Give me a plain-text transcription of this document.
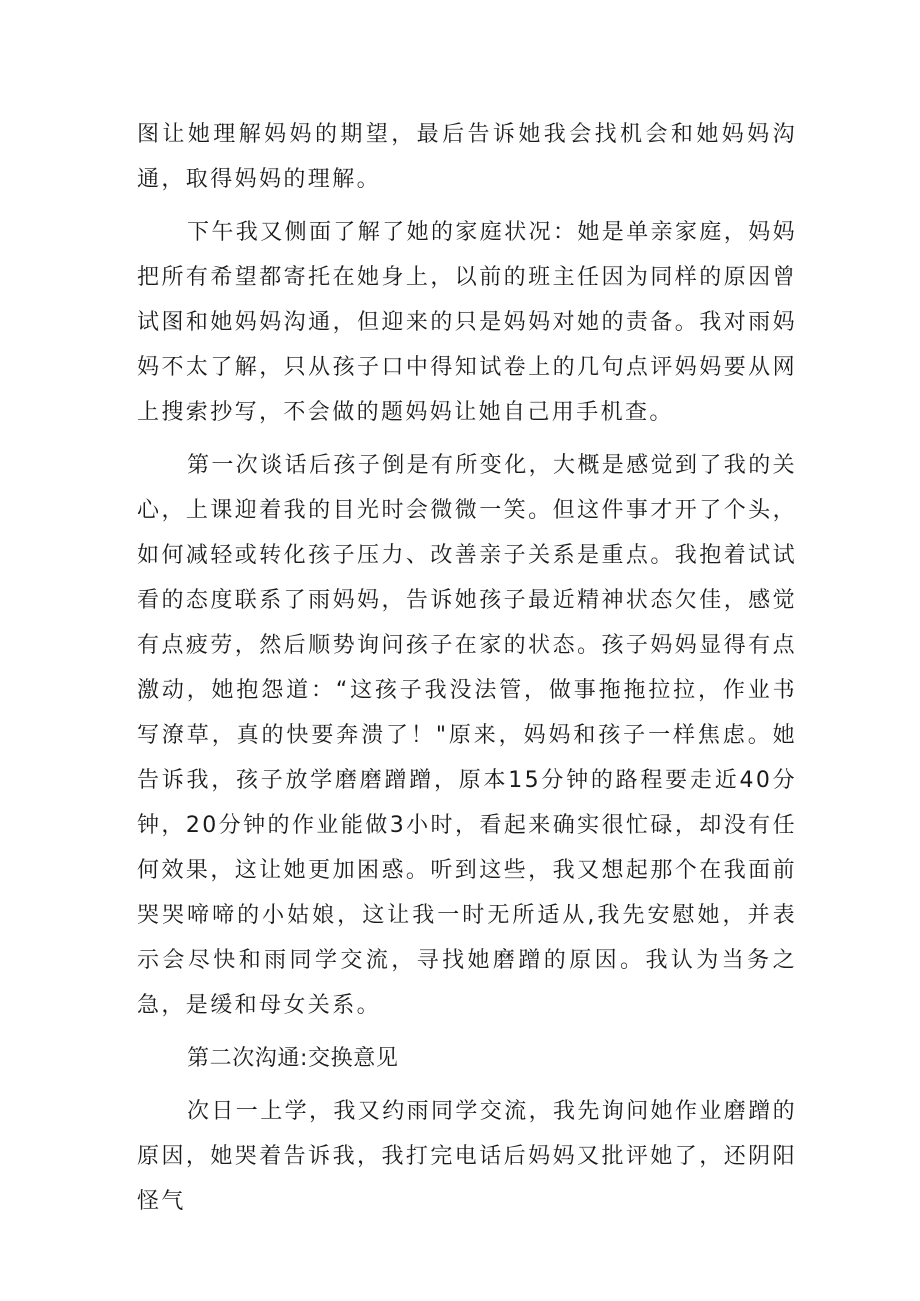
图让她理解妈妈的期望，最后告诉她我会找机会和她妈妈沟通，取得妈妈的理解。

下午我又侧面了解了她的家庭状况：她是单亲家庭，妈妈把所有希望都寄托在她身上，以前的班主任因为同样的原因曾试图和她妈妈沟通，但迎来的只是妈妈对她的责备。我对雨妈妈不太了解，只从孩子口中得知试卷上的几句点评妈妈要从网上搜索抄写，不会做的题妈妈让她自己用手机查。

第一次谈话后孩子倒是有所变化，大概是感觉到了我的关心，上课迎着我的目光时会微微一笑。但这件事才开了个头，如何减轻或转化孩子压力、改善亲子关系是重点。我抱着试试看的态度联系了雨妈妈，告诉她孩子最近精神状态欠佳，感觉有点疲劳，然后顺势询问孩子在家的状态。孩子妈妈显得有点激动，她抱怨道：“这孩子我没法管，做事拖拖拉拉，作业书写潦草，真的快要奔溃了！"原来，妈妈和孩子一样焦虑。她告诉我，孩子放学磨磨蹭蹭，原本15分钟的路程要走近40分钟，20分钟的作业能做3小时，看起来确实很忙碌，却没有任何效果，这让她更加困惑。听到这些，我又想起那个在我面前哭哭啼啼的小姑娘，这让我一时无所适从,我先安慰她，并表示会尽快和雨同学交流，寻找她磨蹭的原因。我认为当务之急，是缓和母女关系。

第二次沟通:交换意见

次日一上学，我又约雨同学交流，我先询问她作业磨蹭的原因，她哭着告诉我，我打完电话后妈妈又批评她了，还阴阳怪气
